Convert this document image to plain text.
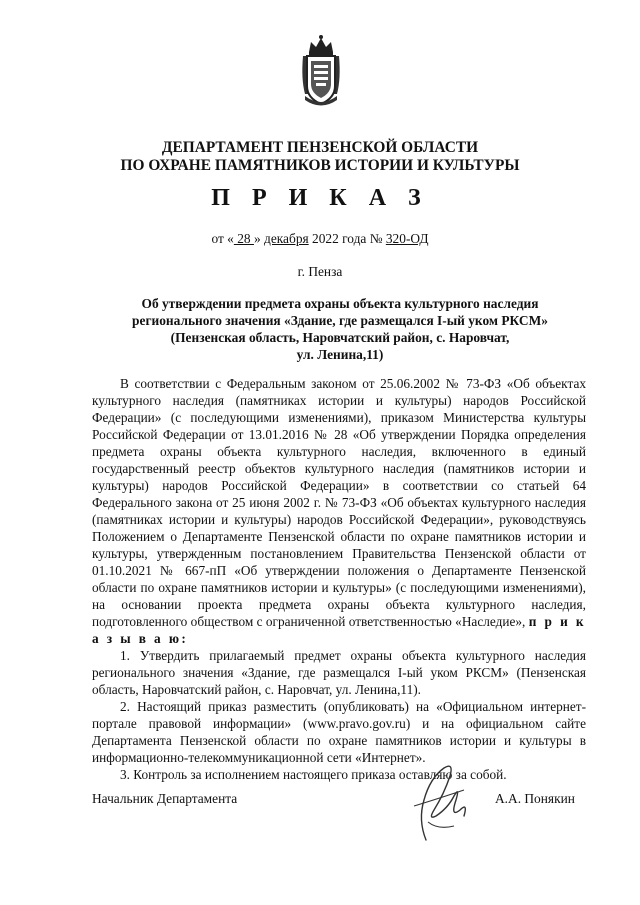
ДЕПАРТАМЕНТ ПЕНЗЕНСКОЙ ОБЛАСТИ
ПО ОХРАНЕ ПАМЯТНИКОВ ИСТОРИИ И КУЛЬТУРЫ
П Р И К А З
от « 28 » декабря 2022 года № 320-ОД
г. Пенза
Об утверждении предмета охраны объекта культурного наследия
регионального значения «Здание, где размещался I-ый уком РКСМ»
(Пензенская область, Наровчатский район, с. Наровчат,
ул. Ленина,11)

В соответствии с Федеральным законом от 25.06.2002 № 73-ФЗ «Об объектах культурного наследия (памятниках истории и культуры) народов Российской Федерации» (с последующими изменениями), приказом Министерства культуры Российской Федерации от 13.01.2016 № 28 «Об утверждении Порядка определения предмета охраны объекта культурного наследия, включенного в единый государственный реестр объектов культурного наследия (памятников истории и культуры) народов Российской Федерации» в соответствии со статьей 64 Федерального закона от 25 июня 2002 г. № 73-ФЗ «Об объектах культурного наследия (памятниках истории и культуры) народов Российской Федерации», руководствуясь Положением о Департаменте Пензенской области по охране памятников истории и культуры, утвержденным постановлением Правительства Пензенской области от 01.10.2021 № 667-пП «Об утверждении положения о Департаменте Пензенской области по охране памятников истории и культуры» (с последующими изменениями), на основании проекта предмета охраны объекта культурного наследия, подготовленного обществом с ограниченной ответственностью «Наследие», п р и к а з ы в а ю:

1. Утвердить прилагаемый предмет охраны объекта культурного наследия регионального значения «Здание, где размещался I-ый уком РКСМ» (Пензенская область, Наровчатский район, с. Наровчат, ул. Ленина,11).

2. Настоящий приказ разместить (опубликовать) на «Официальном интернет-портале правовой информации» (www.pravo.gov.ru) и на официальном сайте Департамента Пензенской области по охране памятников истории и культуры в информационно-телекоммуникационной сети «Интернет».

3. Контроль за исполнением настоящего приказа оставляю за собой.

Начальник Департамента	А.А. Понякин
